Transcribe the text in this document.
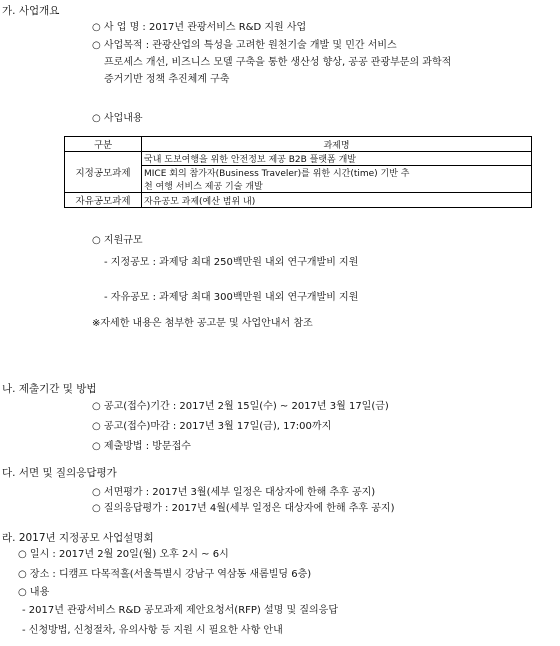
가. 사업개요
○ 사 업 명 : 2017년 관광서비스 R&D 지원 사업
○ 사업목적 : 관광산업의 특성을 고려한 원천기술 개발 및 민간 서비스
프로세스 개선, 비즈니스 모델 구축을 통한 생산성 향상, 공공 관광부문의 과학적
증거기반 정책 추진체계 구축
○ 사업내용
구분	과제명
지정공모과제	국내 도보여행을 위한 안전정보 제공 B2B 플랫폼 개발
	MICE 회의 참가자(Business Traveler)를 위한 시간(time) 기반 추
	천 여행 서비스 제공 기술 개발
자유공모과제	자유공모 과제(예산 범위 내)
○ 지원규모
- 지정공모 : 과제당 최대 250백만원 내외 연구개발비 지원
- 자유공모 : 과제당 최대 300백만원 내외 연구개발비 지원
※자세한 내용은 첨부한 공고문 및 사업안내서 참조
나. 제출기간 및 방법
○ 공고(접수)기간 : 2017년 2월 15일(수) ~ 2017년 3월 17일(금)
○ 공고(접수)마감 : 2017년 3월 17일(금), 17:00까지
○ 제출방법 : 방문접수
다. 서면 및 질의응답평가
○ 서면평가 : 2017년 3월(세부 일정은 대상자에 한해 추후 공지)
○ 질의응답평가 : 2017년 4월(세부 일정은 대상자에 한해 추후 공지)
라. 2017년 지정공모 사업설명회
○ 일시 : 2017년 2월 20일(월) 오후 2시 ~ 6시
○ 장소 : 디캠프 다목적홀(서울특별시 강남구 역삼동 새롬빌딩 6층)
○ 내용
- 2017년 관광서비스 R&D 공모과제 제안요청서(RFP) 설명 및 질의응답
- 신청방법, 신청절차, 유의사항 등 지원 시 필요한 사항 안내
